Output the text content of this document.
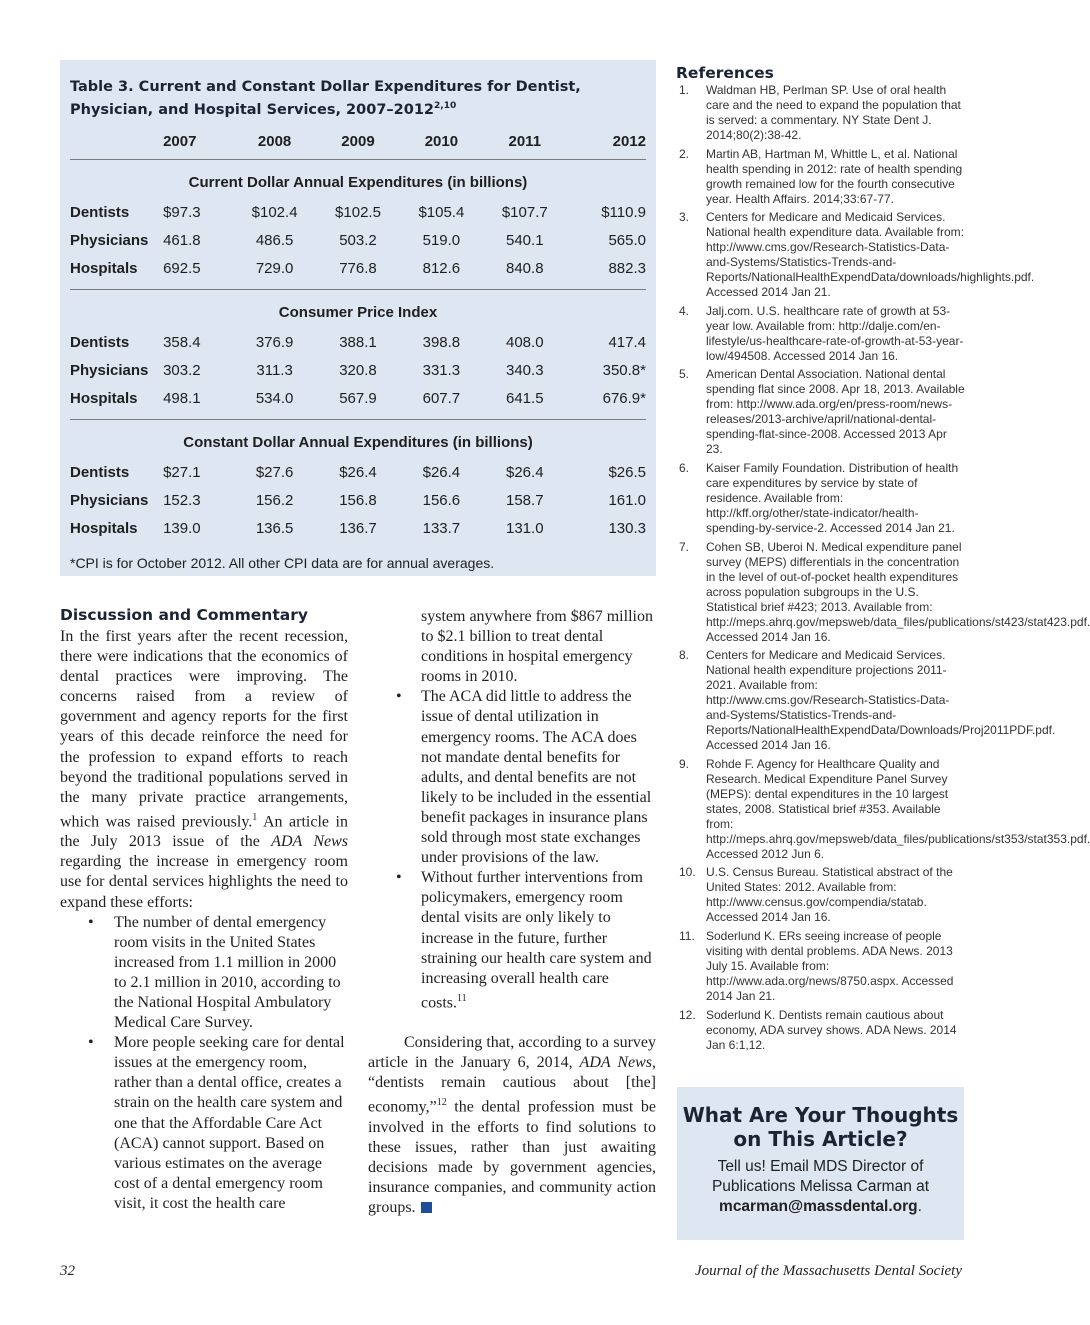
Table 3. Current and Constant Dollar Expenditures for Dentist, Physician, and Hospital Services, 2007–2012$^{2,10}$

2007	2008	2009	2010	2011	2012
Current Dollar Annual Expenditures (in billions)
Dentists	$97.3	$102.4	$102.5	$105.4	$107.7	$110.9
Physicians 461.8	486.5	503.2	519.0	540.1	565.0
Hospitals	692.5	729.0	776.8	812.6	840.8	882.3
Consumer Price Index
Dentists	358.4	376.9	388.1	398.8	408.0	417.4
Physicians 303.2	311.3	320.8	331.3	340.3	350.8*
Hospitals	498.1	534.0	567.9	607.7	641.5	676.9*
Constant Dollar Annual Expenditures (in billions)
Dentists	$27.1	$27.6	$26.4	$26.4	$26.4	$26.5
Physicians 152.3	156.2	156.8	156.6	158.7	161.0
Hospitals	139.0	136.5	136.7	133.7	131.0	130.3
*CPI is for October 2012. All other CPI data are for annual averages.
Discussion and Commentary

In the first years after the recent recession, there were indications that the economics of dental practices were improving. The concerns raised from a review of government and agency reports for the first years of this decade reinforce the need for the profession to expand efforts to reach beyond the traditional populations served in the many private practice arrangements, which was raised previously.$^1$ An article in the July 2013 issue of the ADA News regarding the increase in emergency room use for dental services highlights the need to expand these efforts:

• The number of dental emergency room visits in the United States increased from 1.1 million in 2000 to 2.1 million in 2010, according to the National Hospital Ambulatory Medical Care Survey.
• More people seeking care for dental issues at the emergency room, rather than a dental office, creates a strain on the health care system and one that the Affordable Care Act (ACA) cannot support. Based on various estimates on the average cost of a dental emergency room visit, it cost the health care
system anywhere from $867 million to $2.1 billion to treat dental conditions in hospital emergency rooms in 2010.
• The ACA did little to address the issue of dental utilization in emergency rooms. The ACA does not mandate dental benefits for adults, and dental benefits are not likely to be included in the essential benefit packages in insurance plans sold through most state exchanges under provisions of the law.
• Without further interventions from policymakers, emergency room dental visits are only likely to increase in the future, further straining our health care system and increasing overall health care costs.$^{11}$

Considering that, according to a survey article in the January 6, 2014, ADA News, “dentists remain cautious about [the] economy,”$^{12}$ the dental profession must be involved in the efforts to find solutions to these issues, rather than just awaiting decisions made by government agencies, insurance companies, and community action groups.

References
1. Waldman HB, Perlman SP. Use of oral health care and the need to expand the population that is served: a commentary. NY State Dent J. 2014;80(2):38-42.
2. Martin AB, Hartman M, Whittle L, et al. National health spending in 2012: rate of health spending growth remained low for the fourth consecutive year. Health Affairs. 2014;33:67-77.
3. Centers for Medicare and Medicaid Services. National health expenditure data. Available from: http://www.cms.gov/Research-Statistics-Data-and-Systems/Statistics-Trends-and-Reports/NationalHealthExpendData/downloads/highlights.pdf. Accessed 2014 Jan 21.
4. Jalj.com. U.S. healthcare rate of growth at 53-year low. Available from: http://dalje.com/en-lifestyle/us-healthcare-rate-of-growth-at-53-year-low/494508. Accessed 2014 Jan 16.
5. American Dental Association. National dental spending flat since 2008. Apr 18, 2013. Available from: http://www.ada.org/en/press-room/news-releases/2013-archive/april/national-dental-spending-flat-since-2008. Accessed 2013 Apr 23.
6. Kaiser Family Foundation. Distribution of health care expenditures by service by state of residence. Available from: http://kff.org/other/state-indicator/health-spending-by-service-2. Accessed 2014 Jan 21.
7. Cohen SB, Uberoi N. Medical expenditure panel survey (MEPS) differentials in the concentration in the level of out-of-pocket health expenditures across population subgroups in the U.S. Statistical brief #423; 2013. Available from: http://meps.ahrq.gov/mepsweb/data_files/publications/st423/stat423.pdf. Accessed 2014 Jan 16.
8. Centers for Medicare and Medicaid Services. National health expenditure projections 2011-2021. Available from: http://www.cms.gov/Research-Statistics-Data-and-Systems/Statistics-Trends-and-Reports/NationalHealthExpendData/Downloads/Proj2011PDF.pdf. Accessed 2014 Jan 16.
9. Rohde F. Agency for Healthcare Quality and Research. Medical Expenditure Panel Survey (MEPS): dental expenditures in the 10 largest states, 2008. Statistical brief #353. Available from: http://meps.ahrq.gov/mepsweb/data_files/publications/st353/stat353.pdf. Accessed 2012 Jun 6.
10. U.S. Census Bureau. Statistical abstract of the United States: 2012. Available from: http://www.census.gov/compendia/statab. Accessed 2014 Jan 16.
11. Soderlund K. ERs seeing increase of people visiting with dental problems. ADA News. 2013 July 15. Available from: http://www.ada.org/news/8750.aspx. Accessed 2014 Jan 21.
12. Soderlund K. Dentists remain cautious about economy, ADA survey shows. ADA News. 2014 Jan 6:1,12.
What Are Your Thoughts on This Article?
Tell us! Email MDS Director of Publications Melissa Carman at mcarman@massdental.org.
32	Journal of the Massachusetts Dental Society
